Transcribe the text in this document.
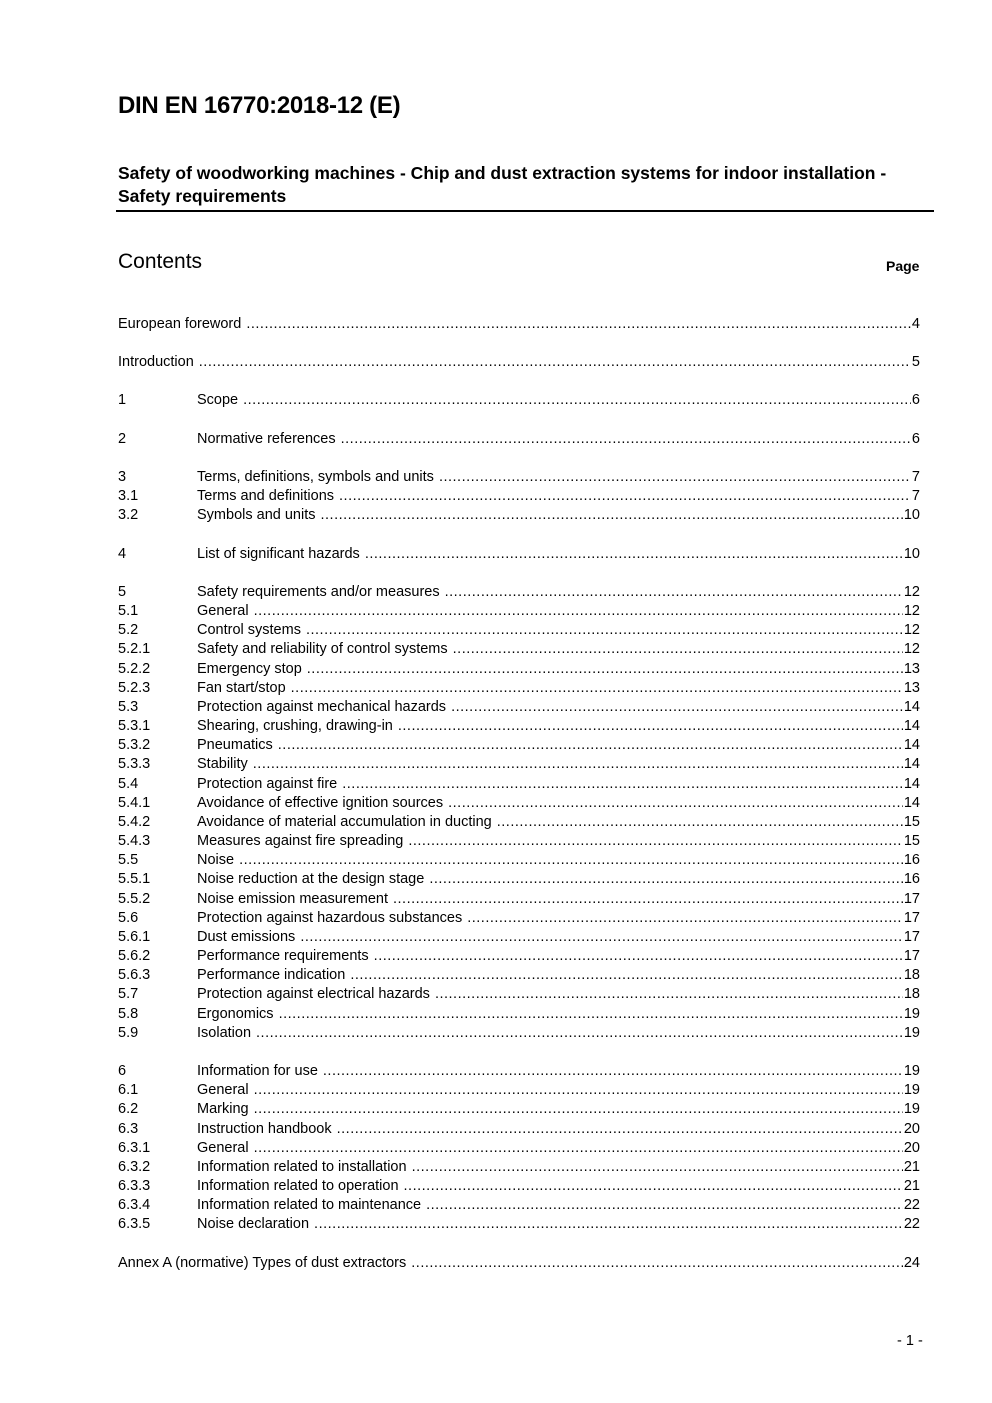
DIN EN 16770:2018-12 (E)
Safety of woodworking machines - Chip and dust extraction systems for indoor installation - Safety requirements
Contents	Page
European foreword .....	4
Introduction .....	5
1	Scope .....	6
2	Normative references .....	6
3	Terms, definitions, symbols and units .....	7
3.1	Terms and definitions .....	7
3.2	Symbols and units .....	10
4	List of significant hazards .....	10
5	Safety requirements and/or measures .....	12
5.1	General .....	12
5.2	Control systems .....	12
5.2.1	Safety and reliability of control systems .....	12
5.2.2	Emergency stop .....	13
5.2.3	Fan start/stop .....	13
5.3	Protection against mechanical hazards .....	14
5.3.1	Shearing, crushing, drawing-in .....	14
5.3.2	Pneumatics .....	14
5.3.3	Stability .....	14
5.4	Protection against fire .....	14
5.4.1	Avoidance of effective ignition sources .....	14
5.4.2	Avoidance of material accumulation in ducting .....	15
5.4.3	Measures against fire spreading .....	15
5.5	Noise .....	16
5.5.1	Noise reduction at the design stage .....	16
5.5.2	Noise emission measurement .....	17
5.6	Protection against hazardous substances .....	17
5.6.1	Dust emissions .....	17
5.6.2	Performance requirements .....	17
5.6.3	Performance indication .....	18
5.7	Protection against electrical hazards .....	18
5.8	Ergonomics .....	19
5.9	Isolation .....	19
6	Information for use .....	19
6.1	General .....	19
6.2	Marking .....	19
6.3	Instruction handbook .....	20
6.3.1	General .....	20
6.3.2	Information related to installation .....	21
6.3.3	Information related to operation .....	21
6.3.4	Information related to maintenance .....	22
6.3.5	Noise declaration .....	22
Annex A (normative) Types of dust extractors .....	24
- 1 -
